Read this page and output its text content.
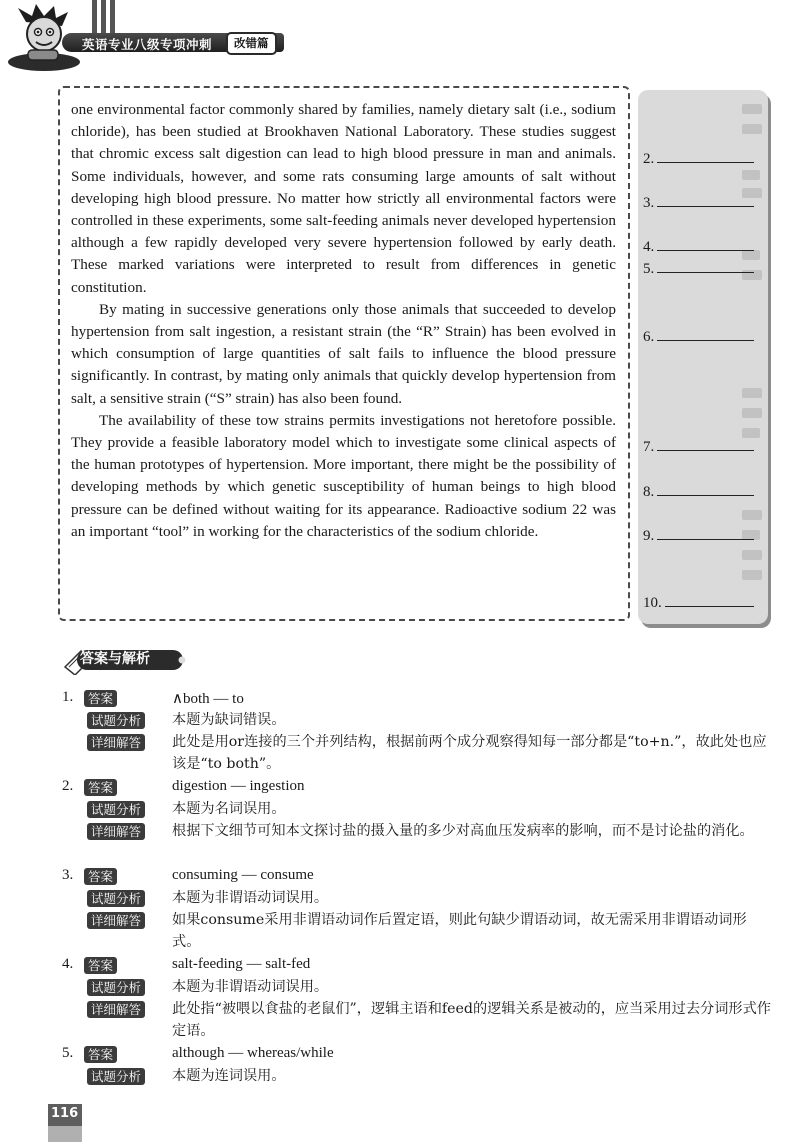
英语专业八级专项冲刺	改错篇

one environmental factor commonly shared by families, namely dietary salt (i.e., sodium chloride), has been studied at Brookhaven National Laboratory. These studies suggest that chromic excess salt digestion can lead to high blood pressure in man and animals. Some individuals, however, and some rats consuming large amounts of salt without developing high blood pressure. No matter how strictly all environmental factors were controlled in these experiments, some salt-feeding animals never developed hypertension although a few rapidly developed very severe hypertension followed by early death. These marked variations were interpreted to result from differences in genetic constitution.

By mating in successive generations only those animals that succeeded to develop hypertension from salt ingestion, a resistant strain (the “R” Strain) has been evolved in which consumption of large quantities of salt fails to influence the blood pressure significantly. In contrast, by mating only animals that quickly develop hypertension from salt, a sensitive strain (“S” strain) has also been found.

The availability of these tow strains permits investigations not heretofore possible. They provide a feasible laboratory model which to investigate some clinical aspects of the human prototypes of hypertension. More important, there might be the possibility of developing methods by which genetic susceptibility of human beings to high blood pressure can be defined without waiting for its appearance. Radioactive sodium 22 was an important “tool” in working for the characteristics of the sodium chloride.

2.
3.
4.
5.
6.
7.
8.
9.
10.
答案与解析
1.	答案	∧both — to
试题分析 本题为缺词错误。
详细解答 此处是用or连接的三个并列结构，根据前两个成分观察得知每一部分都是“to+n.”，故此处也应该是“to both”。
2.	答案	digestion — ingestion
试题分析 本题为名词误用。
详细解答 根据下文细节可知本文探讨盐的摄入量的多少对高血压发病率的影响，而不是讨论盐的消化。
3.	答案	consuming — consume
试题分析 本题为非谓语动词误用。
详细解答 如果consume采用非谓语动词作后置定语，则此句缺少谓语动词，故无需采用非谓语动词形式。
4.	答案	salt-feeding — salt-fed
试题分析 本题为非谓语动词误用。
详细解答 此处指“被喂以食盐的老鼠们”，逻辑主语和feed的逻辑关系是被动的，应当采用过去分词形式作定语。
5.	答案	although — whereas/while
试题分析 本题为连词误用。
116
